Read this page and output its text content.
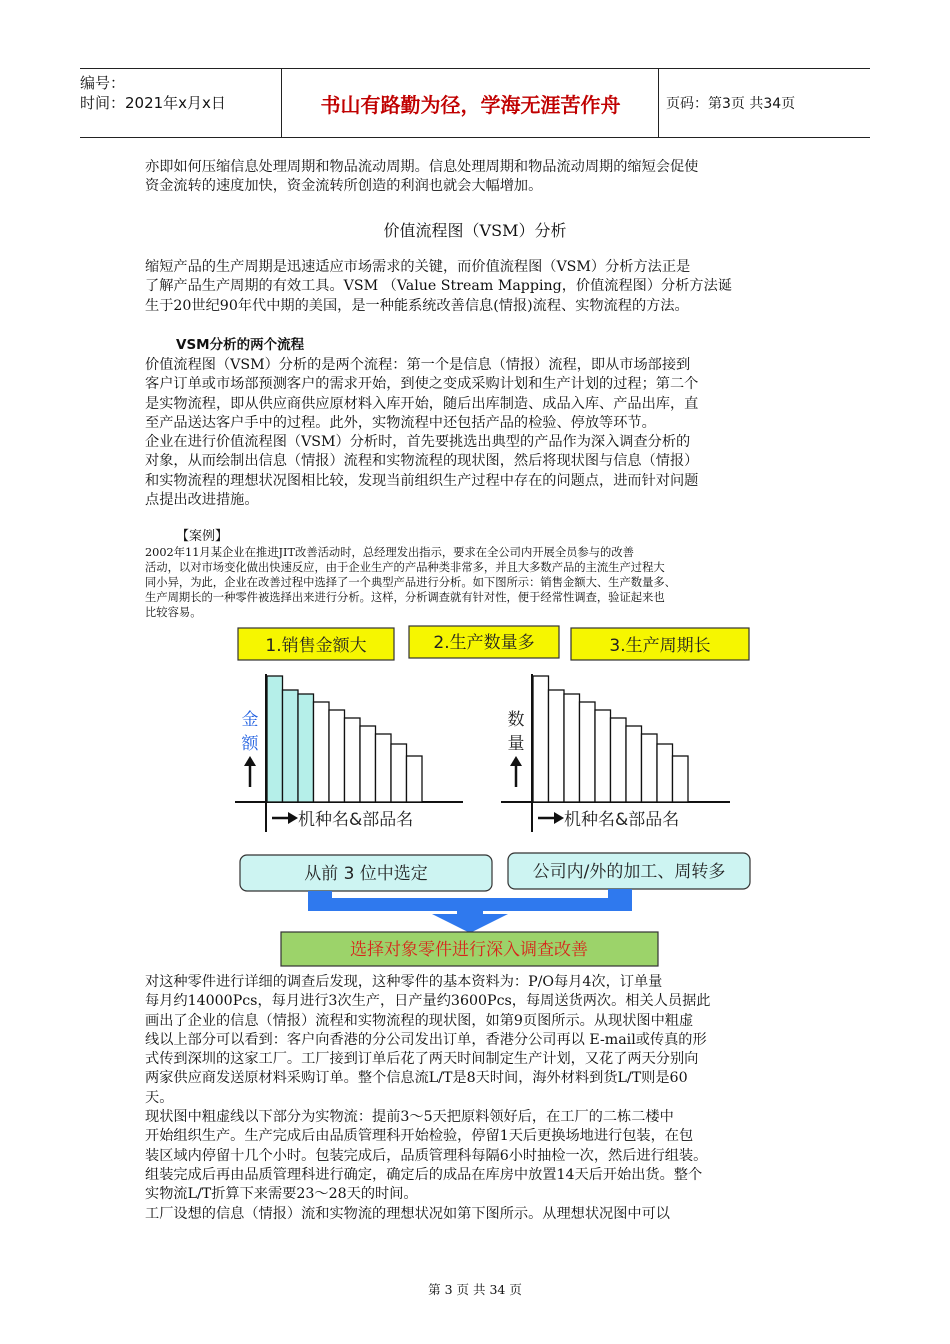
编号：
时间：2021年x月x日	书山有路勤为径，学海无涯苦作舟	页码：第3页 共34页
亦即如何压缩信息处理周期和物品流动周期。信息处理周期和物品流动周期的缩短会促使
资金流转的速度加快，资金流转所创造的利润也就会大幅增加。
价值流程图（VSM）分析
缩短产品的生产周期是迅速适应市场需求的关键，而价值流程图（VSM）分析方法正是
了解产品生产周期的有效工具。VSM （Value Stream Mapping，价值流程图）分析方法诞
生于20世纪90年代中期的美国，是一种能系统改善信息(情报)流程、实物流程的方法。
VSM分析的两个流程
价值流程图（VSM）分析的是两个流程：第一个是信息（情报）流程，即从市场部接到
客户订单或市场部预测客户的需求开始，到使之变成采购计划和生产计划的过程；第二个
是实物流程，即从供应商供应原材料入库开始，随后出库制造、成品入库、产品出库，直
至产品送达客户手中的过程。此外，实物流程中还包括产品的检验、停放等环节。
企业在进行价值流程图（VSM）分析时，首先要挑选出典型的产品作为深入调查分析的
对象，从而绘制出信息（情报）流程和实物流程的现状图，然后将现状图与信息（情报）
和实物流程的理想状况图相比较，发现当前组织生产过程中存在的问题点，进而针对问题
点提出改进措施。
【案例】
2002年11月某企业在推进JIT改善活动时，总经理发出指示，要求在全公司内开展全员参与的改善
活动，以对市场变化做出快速反应，由于企业生产的产品种类非常多，并且大多数产品的主流生产过程大
同小异，为此，企业在改善过程中选择了一个典型产品进行分析。如下图所示：销售金额大、生产数量多、
生产周期长的一种零件被选择出来进行分析。这样，分析调查就有针对性，便于经常性调查，验证起来也
比较容易。
1.销售金额大	2.生产数量多	3.生产周期长
金
额
机种名&部品名
数
量
机种名&部品名
从前 3 位中选定	公司内/外的加工、周转多
选择对象零件进行深入调查改善
对这种零件进行详细的调查后发现，这种零件的基本资料为：P/O每月4次，订单量
每月约14000Pcs，每月进行3次生产，日产量约3600Pcs，每周送货两次。相关人员据此
画出了企业的信息（情报）流程和实物流程的现状图，如第9页图所示。从现状图中粗虚
线以上部分可以看到：客户向香港的分公司发出订单，香港分公司再以 E-mail或传真的形
式传到深圳的这家工厂。工厂接到订单后花了两天时间制定生产计划，又花了两天分别向
两家供应商发送原材料采购订单。整个信息流L/T是8天时间，海外材料到货L/T则是60
天。
现状图中粗虚线以下部分为实物流：提前3～5天把原料领好后，在工厂的二栋二楼中
开始组织生产。生产完成后由品质管理科开始检验，停留1天后更换场地进行包装，在包
装区域内停留十几个小时。包装完成后，品质管理科每隔6小时抽检一次，然后进行组装。
组装完成后再由品质管理科进行确定，确定后的成品在库房中放置14天后开始出货。整个
实物流L/T折算下来需要23～28天的时间。
工厂设想的信息（情报）流和实物流的理想状况如第下图所示。从理想状况图中可以
第 3 页 共 34 页
